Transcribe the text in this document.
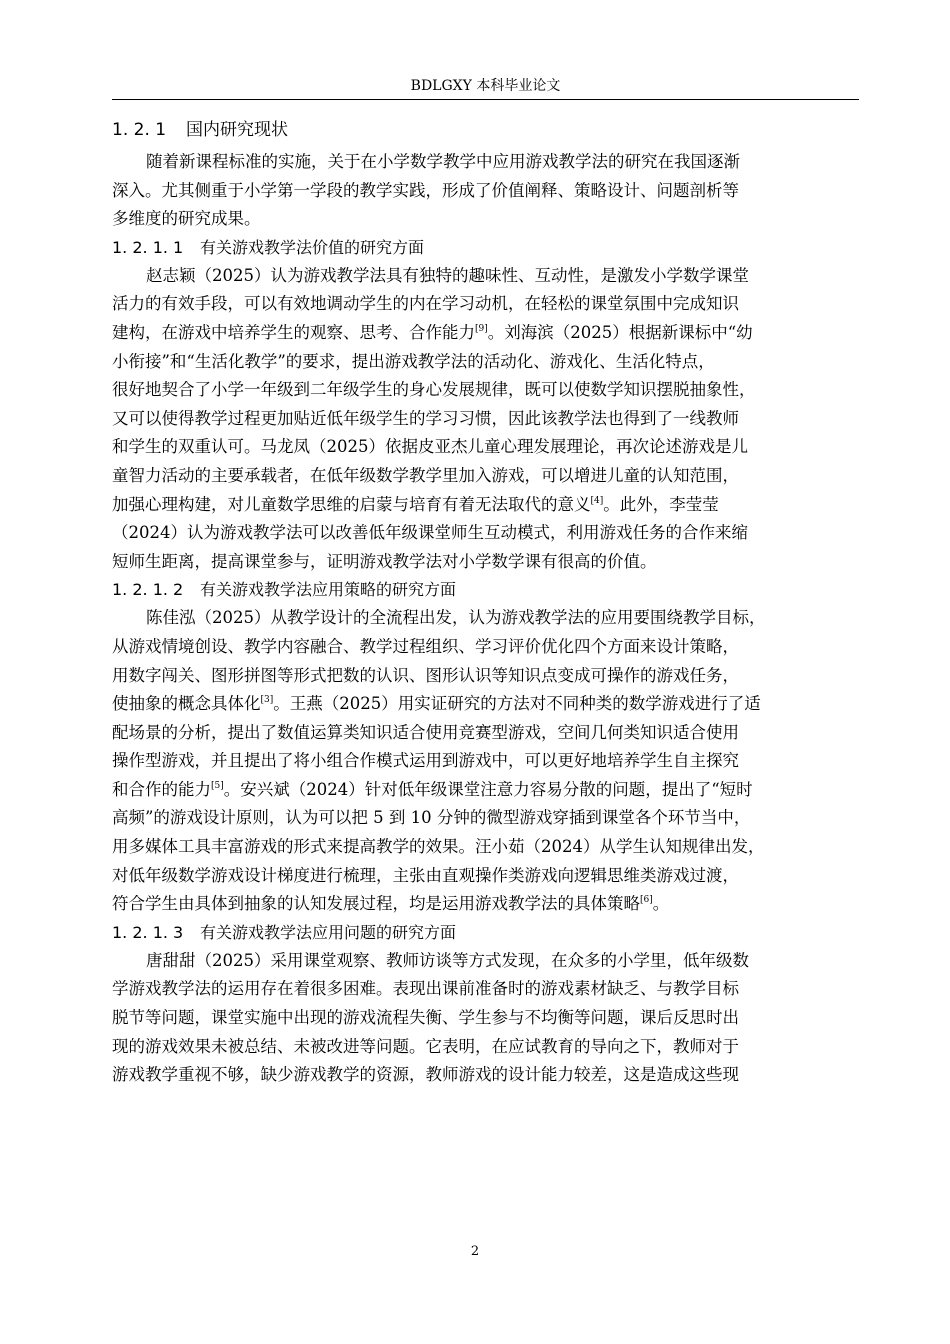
BDLGXY 本科毕业论文
1. 2. 1 国内研究现状

随着新课程标准的实施，关于在小学数学教学中应用游戏教学法的研究在我国逐渐
深入。尤其侧重于小学第一学段的教学实践，形成了价值阐释、策略设计、问题剖析等
多维度的研究成果。

1. 2. 1. 1 有关游戏教学法价值的研究方面

赵志颖（2025）认为游戏教学法具有独特的趣味性、互动性，是激发小学数学课堂
活力的有效手段，可以有效地调动学生的内在学习动机，在轻松的课堂氛围中完成知识
建构，在游戏中培养学生的观察、思考、合作能力[9]。刘海滨（2025）根据新课标中“幼
小衔接”和“生活化教学”的要求，提出游戏教学法的活动化、游戏化、生活化特点，
很好地契合了小学一年级到二年级学生的身心发展规律，既可以使数学知识摆脱抽象性，
又可以使得教学过程更加贴近低年级学生的学习习惯，因此该教学法也得到了一线教师
和学生的双重认可。马龙凤（2025）依据皮亚杰儿童心理发展理论，再次论述游戏是儿
童智力活动的主要承载者，在低年级数学教学里加入游戏，可以增进儿童的认知范围，
加强心理构建，对儿童数学思维的启蒙与培育有着无法取代的意义[4]。此外，李莹莹
（2024）认为游戏教学法可以改善低年级课堂师生互动模式，利用游戏任务的合作来缩
短师生距离，提高课堂参与，证明游戏教学法对小学数学课有很高的价值。

1. 2. 1. 2 有关游戏教学法应用策略的研究方面

陈佳泓（2025）从教学设计的全流程出发，认为游戏教学法的应用要围绕教学目标，
从游戏情境创设、教学内容融合、教学过程组织、学习评价优化四个方面来设计策略，
用数字闯关、图形拼图等形式把数的认识、图形认识等知识点变成可操作的游戏任务，
使抽象的概念具体化[3]。王燕（2025）用实证研究的方法对不同种类的数学游戏进行了适
配场景的分析，提出了数值运算类知识适合使用竞赛型游戏，空间几何类知识适合使用
操作型游戏，并且提出了将小组合作模式运用到游戏中，可以更好地培养学生自主探究
和合作的能力[5]。安兴斌（2024）针对低年级课堂注意力容易分散的问题，提出了“短时
高频”的游戏设计原则，认为可以把 5 到 10 分钟的微型游戏穿插到课堂各个环节当中，
用多媒体工具丰富游戏的形式来提高教学的效果。汪小茹（2024）从学生认知规律出发，
对低年级数学游戏设计梯度进行梳理，主张由直观操作类游戏向逻辑思维类游戏过渡，
符合学生由具体到抽象的认知发展过程，均是运用游戏教学法的具体策略[6]。

1. 2. 1. 3 有关游戏教学法应用问题的研究方面

唐甜甜（2025）采用课堂观察、教师访谈等方式发现，在众多的小学里，低年级数
学游戏教学法的运用存在着很多困难。表现出课前准备时的游戏素材缺乏、与教学目标
脱节等问题，课堂实施中出现的游戏流程失衡、学生参与不均衡等问题，课后反思时出
现的游戏效果未被总结、未被改进等问题。它表明，在应试教育的导向之下，教师对于
游戏教学重视不够，缺少游戏教学的资源，教师游戏的设计能力较差，这是造成这些现

2
